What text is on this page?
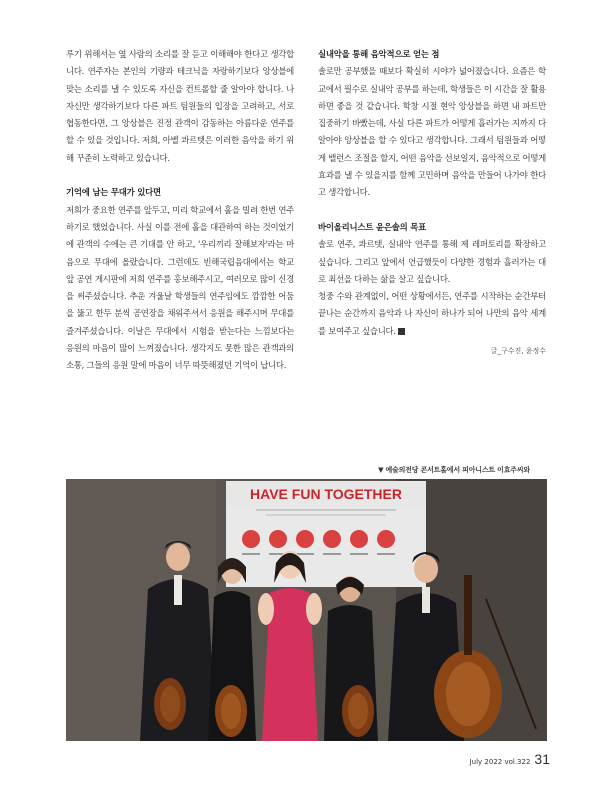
루기 위해서는 옆 사람의 소리를 잘 듣고 이해해야 한다고 생각합니다. 연주자는 본인의 기량과 테크닉을 자랑하기보다 앙상블에 맞는 소리를 낼 수 있도록 자신을 컨트롤할 줄 알아야 합니다. 나 자신만 생각하기보다 다른 파트 팀원들의 입장을 고려하고, 서로 협동한다면, 그 앙상블은 진정 관객이 감동하는 아름다운 연주를 할 수 있을 것입니다. 저희, 아벨 콰르텟은 이러한 음악을 하기 위해 꾸준히 노력하고 있습니다.

기억에 남는 무대가 있다면

저희가 중요한 연주를 앞두고, 미리 학교에서 홀을 빌려 한번 연주하기로 했었습니다. 사실 이를 전에 홀을 대관하여 하는 것이었기에 관객의 수에는 큰 기대를 안 하고, '우리끼리 잘해보자'라는 마음으로 무대에 올랐습니다. 그런데도 빈해국립음대에서는 학교 앞 공연 게시판에 저희 연주를 홍보해주시고, 여러모로 많이 신경을 써주셨습니다. 추운 겨울날 학생들의 연주임에도 깜깜한 어둠을 뚫고 한두 분씩 공연장을 채워주셔서 응원을 해주시며 무대를 즐겨주셨습니다. 이날은 무대에서 시험을 받는다는 느낌보다는 응원의 마음이 많이 느껴졌습니다. 생각지도 못한 많은 관객과의 소통, 그들의 응원 말에 마음이 너무 따뜻해졌던 기억이 납니다.

실내악을 통해 음악적으로 얻는 점

솔로만 공부했을 때보다 확실히 시야가 넓어졌습니다. 요즘은 학교에서 필수로 실내악 공부를 하는데, 학생들은 이 시간을 잘 활용하면 좋을 것 같습니다. 학창 시절 현악 앙상블을 하면 내 파트만 집중하기 바빴는데, 사실 다른 파트가 어떻게 흘러가는 지까지 다 알아야 앙상블을 할 수 있다고 생각합니다. 그래서 팀원들과 어떻게 밸런스 조절을 할지, 어떤 음악을 선보일지, 음악적으로 어떻게 효과를 낼 수 있을지를 함께 고민하며 음악을 만들어 나가야 한다고 생각합니다.

바이올리니스트 윤은솔의 목표

솔로 연주, 콰르텟, 실내악 연주를 통해 제 레퍼토리를 확장하고 싶습니다. 그리고 앞에서 언급했듯이 다양한 경험과 흘러가는 대로 최선을 다하는 삶을 살고 싶습니다.

청중 수와 관계없이, 어떤 상황에서든, 연주를 시작하는 순간부터 끝나는 순간까지 음악과 나 자신이 하나가 되어 나만의 음악 세계를 보여주고 싶습니다.

글_구수진, 윤정수
▼ 예술의전당 콘서트홀에서 피아니스트 이효주씨와
HAVE FUN TOGETHER
July 2022 vol.322 31
